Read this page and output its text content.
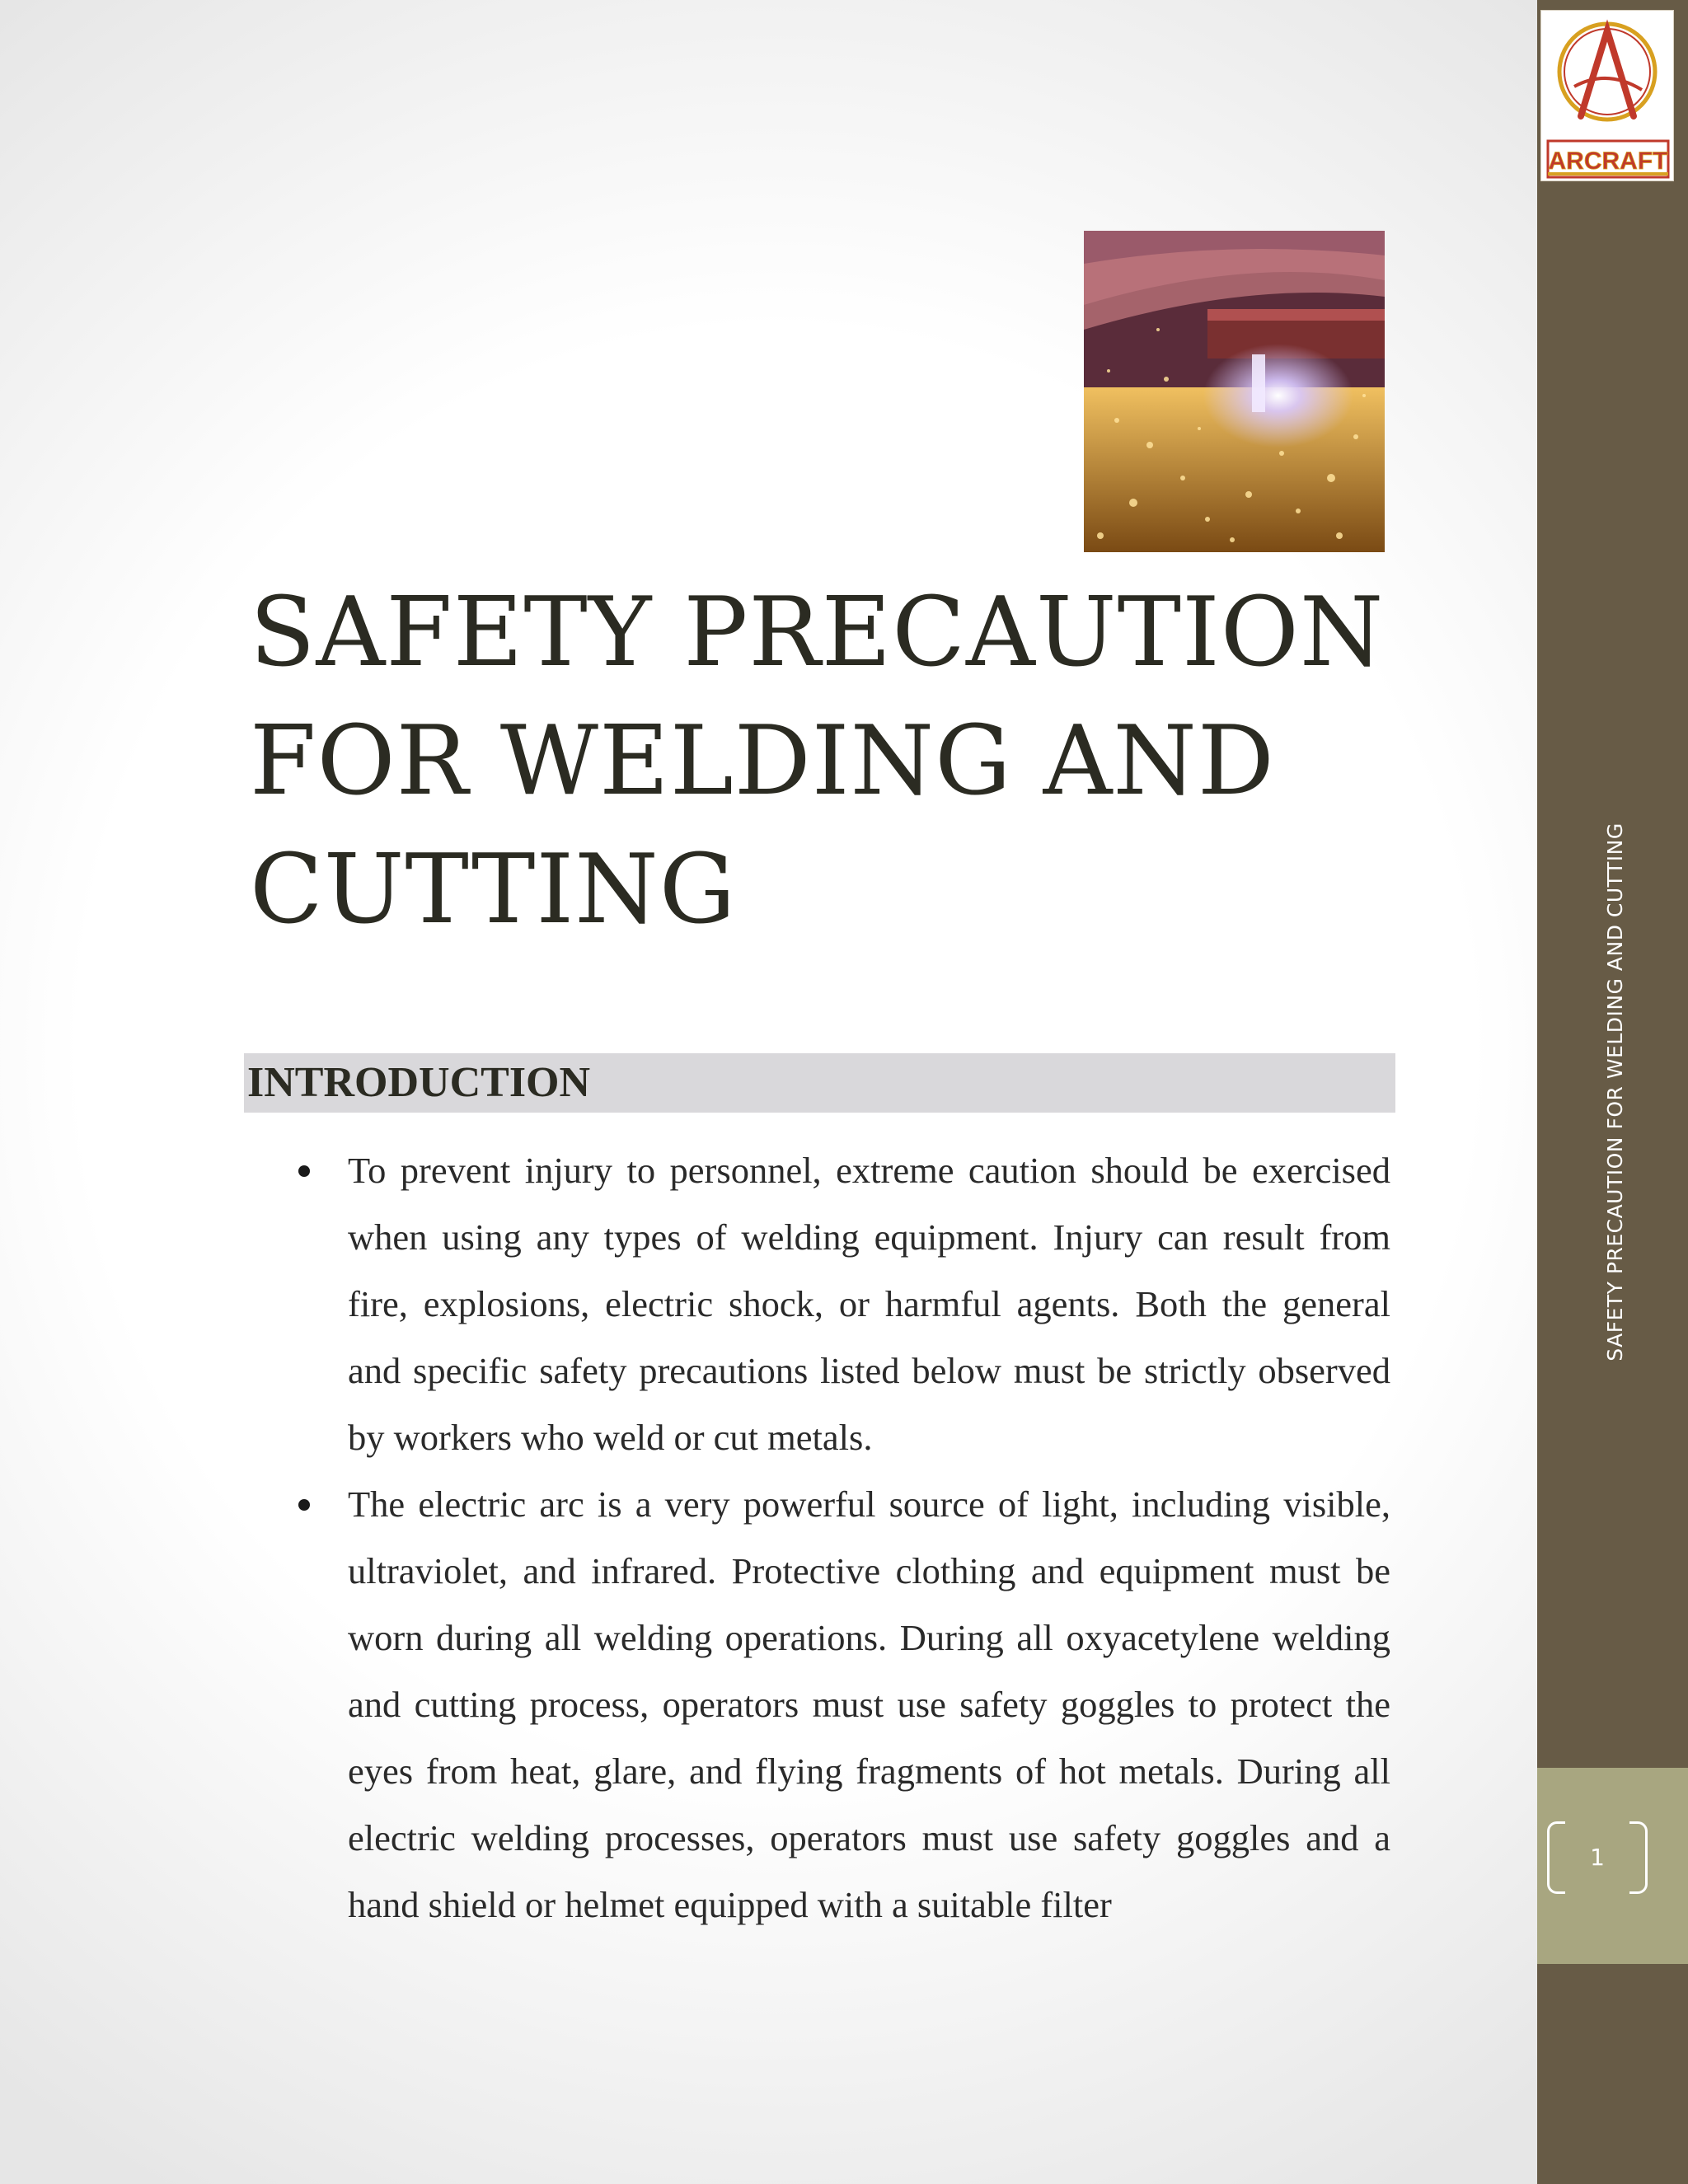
ARCRAFT
SAFETY PRECAUTION FOR WELDING AND CUTTING
1
SAFETY PRECAUTION
FOR WELDING AND
CUTTING
INTRODUCTION
To prevent injury to personnel, extreme caution should be exercised when using any types of welding equipment. Injury can result from fire, explosions, electric shock, or harmful agents. Both the general and specific safety precautions listed below must be strictly observed by workers who weld or cut metals.
The electric arc is a very powerful source of light, including visible, ultraviolet, and infrared. Protective clothing and equipment must be worn during all welding operations. During all oxyacetylene welding and cutting process, operators must use safety goggles to protect the eyes from heat, glare, and flying fragments of hot metals. During all electric welding processes, operators must use safety goggles and a hand shield or helmet equipped with a suitable filter
